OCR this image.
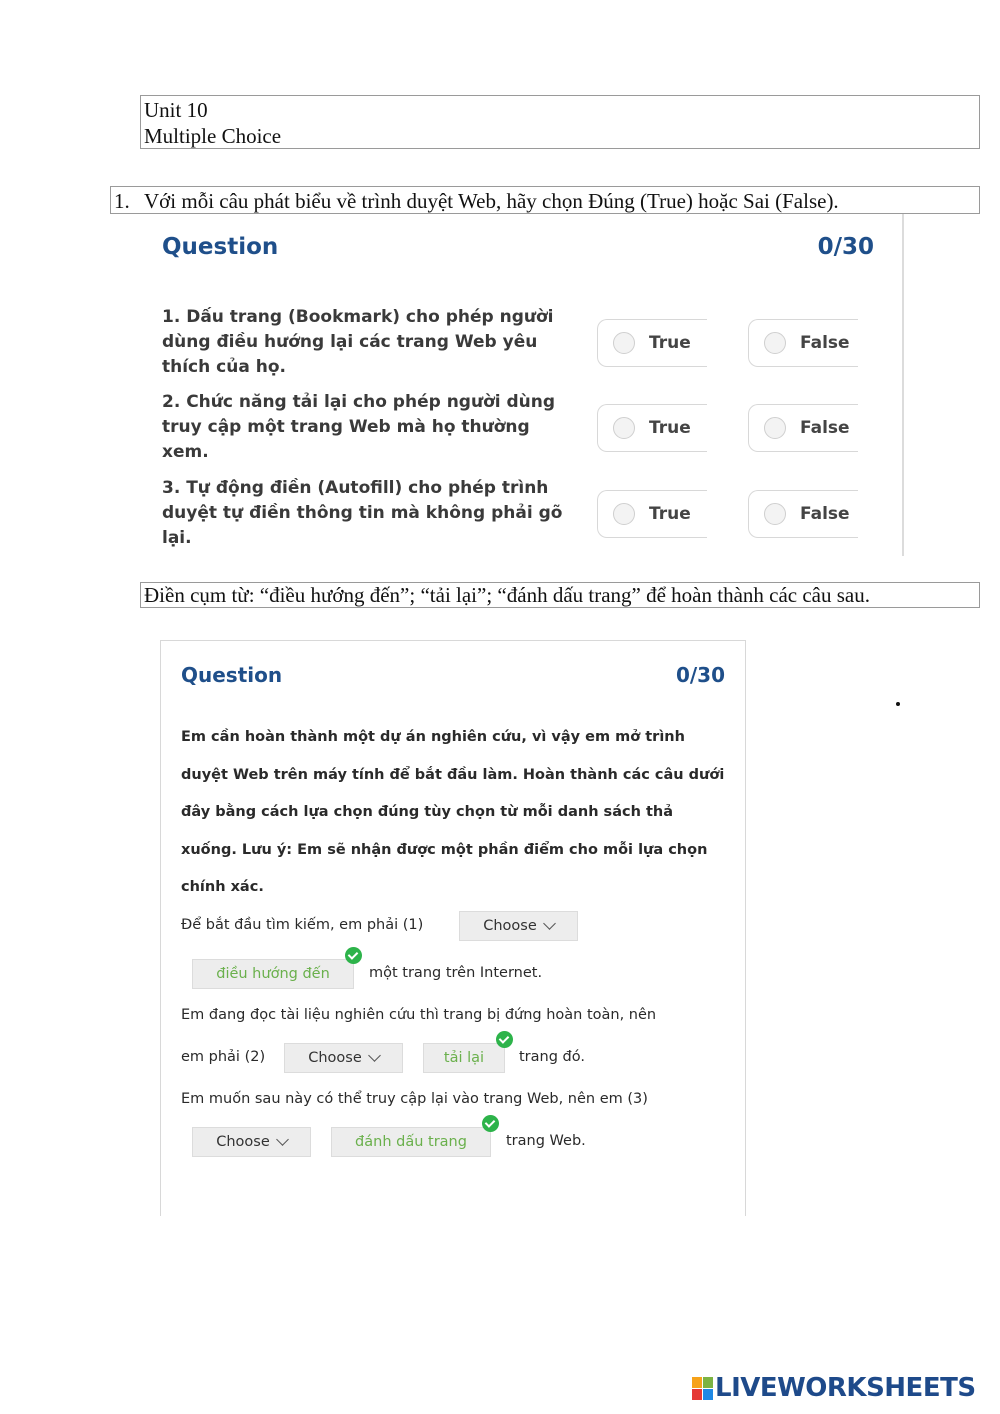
Unit 10
Multiple Choice
1. Với mỗi câu phát biểu về trình duyệt Web, hãy chọn Đúng (True) hoặc Sai (False).
Question	0/30
1. Dấu trang (Bookmark) cho phép người dùng điều hướng lại các trang Web yêu thích của họ.
True	False
2. Chức năng tải lại cho phép người dùng truy cập một trang Web mà họ thường xem.
True	False
3. Tự động điền (Autofill) cho phép trình duyệt tự điền thông tin mà không phải gõ lại.
True	False
Điền cụm từ: “điều hướng đến”; “tải lại”; “đánh dấu trang” để hoàn thành các câu sau.
Question	0/30
Em cần hoàn thành một dự án nghiên cứu, vì vậy em mở trình duyệt Web trên máy tính để bắt đầu làm. Hoàn thành các câu dưới đây bằng cách lựa chọn đúng tùy chọn từ mỗi danh sách thả xuống. Lưu ý: Em sẽ nhận được một phần điểm cho mỗi lựa chọn chính xác.
Để bắt đầu tìm kiếm, em phải (1)	Choose
điều hướng đến	một trang trên Internet.
Em đang đọc tài liệu nghiên cứu thì trang bị đứng hoàn toàn, nên
em phải (2)	Choose	tải lại	trang đó.
Em muốn sau này có thể truy cập lại vào trang Web, nên em (3)
Choose	đánh dấu trang	trang Web.
LIVEWORKSHEETS
